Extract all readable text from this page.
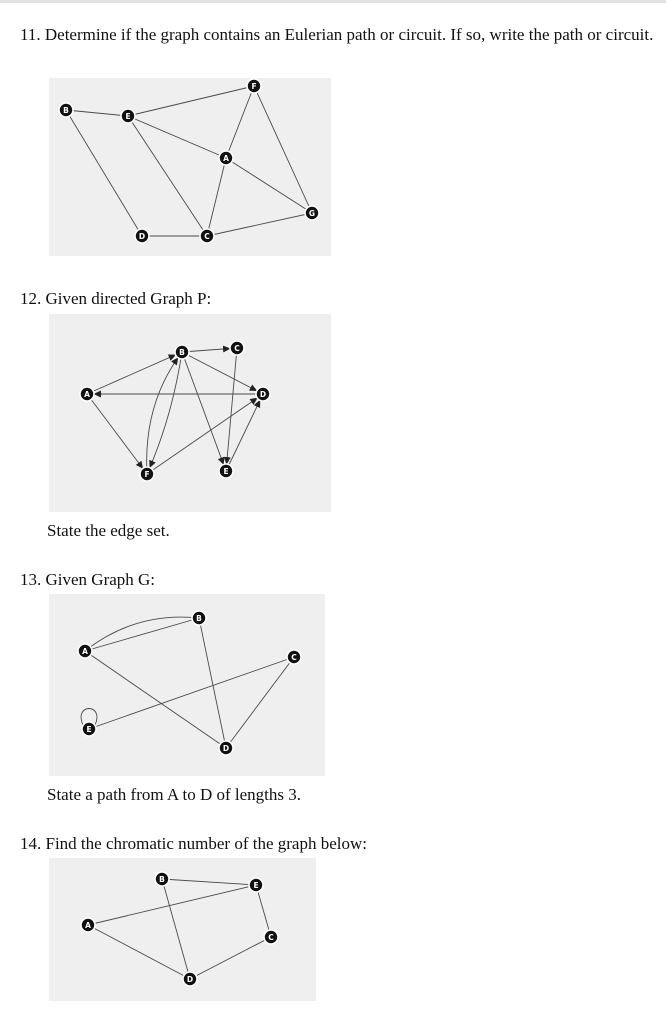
11. Determine if the graph contains an Eulerian path or circuit. If so, write the path or circuit.

B
E
F
A
G
D	C

12. Given directed Graph P:

B	C
A	D
F	E

State the edge set.

13. Given Graph G:

B
A
C
E
D

State a path from A to D of lengths 3.

14. Find the chromatic number of the graph below:

B
E
A
C
D
